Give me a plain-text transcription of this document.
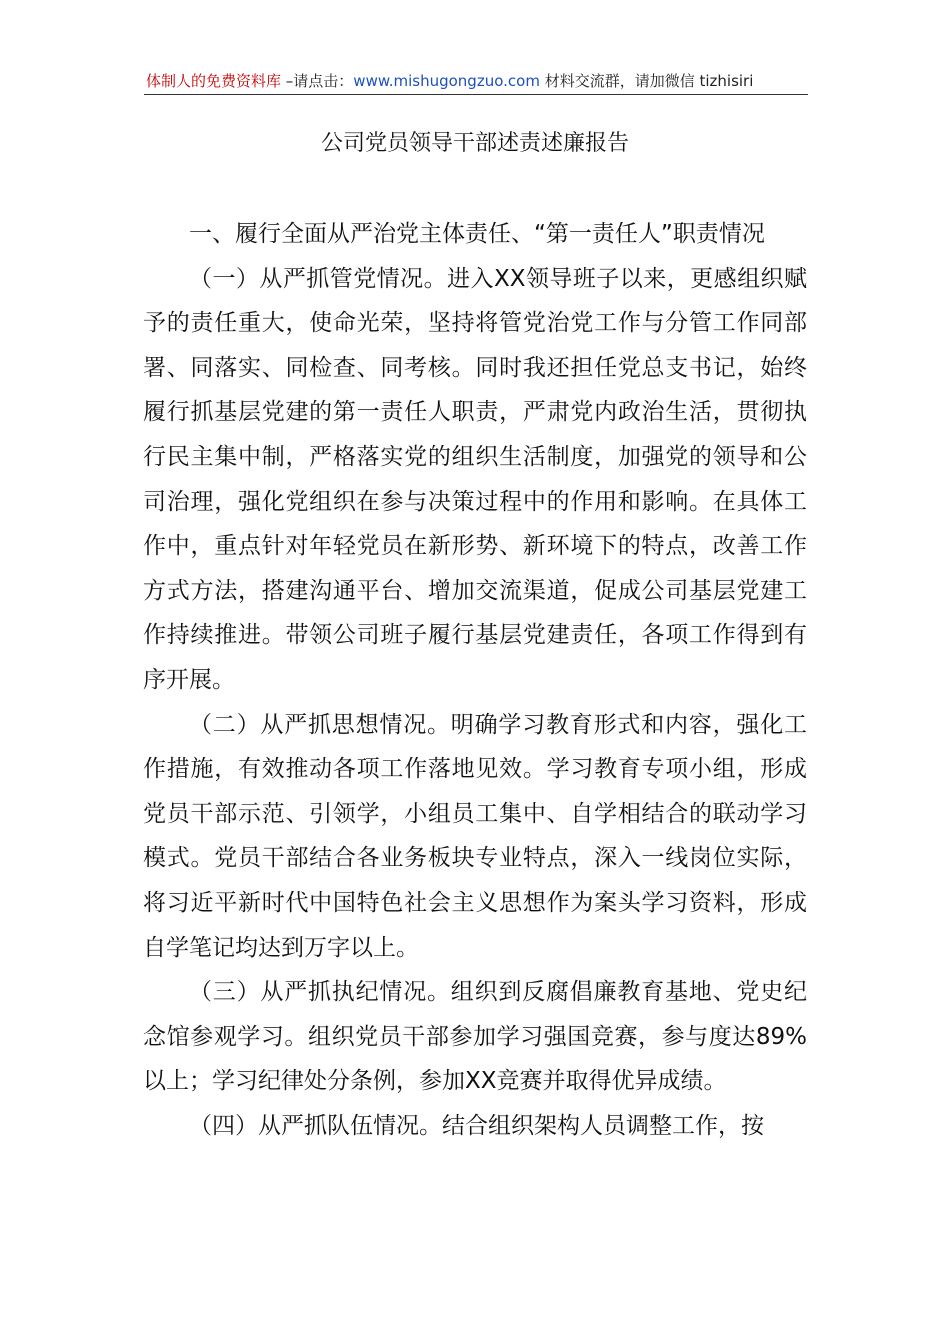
体制人的免费资料库 –请点击：www.mishugongzuo.com 材料交流群，请加微信 tizhisiri
公司党员领导干部述责述廉报告

一、履行全面从严治党主体责任、“第一责任人”职责情况

（一）从严抓管党情况。进入XX领导班子以来，更感组织赋予的责任重大，使命光荣，坚持将管党治党工作与分管工作同部署、同落实、同检查、同考核。同时我还担任党总支书记，始终履行抓基层党建的第一责任人职责，严肃党内政治生活，贯彻执行民主集中制，严格落实党的组织生活制度，加强党的领导和公司治理，强化党组织在参与决策过程中的作用和影响。在具体工作中，重点针对年轻党员在新形势、新环境下的特点，改善工作方式方法，搭建沟通平台、增加交流渠道，促成公司基层党建工作持续推进。带领公司班子履行基层党建责任，各项工作得到有序开展。

（二）从严抓思想情况。明确学习教育形式和内容，强化工作措施，有效推动各项工作落地见效。学习教育专项小组，形成党员干部示范、引领学，小组员工集中、自学相结合的联动学习模式。党员干部结合各业务板块专业特点，深入一线岗位实际，将习近平新时代中国特色社会主义思想作为案头学习资料，形成自学笔记均达到万字以上。

（三）从严抓执纪情况。组织到反腐倡廉教育基地、党史纪念馆参观学习。组织党员干部参加学习强国竞赛，参与度达89%以上；学习纪律处分条例，参加XX竞赛并取得优异成绩。

（四）从严抓队伍情况。结合组织架构人员调整工作，按
